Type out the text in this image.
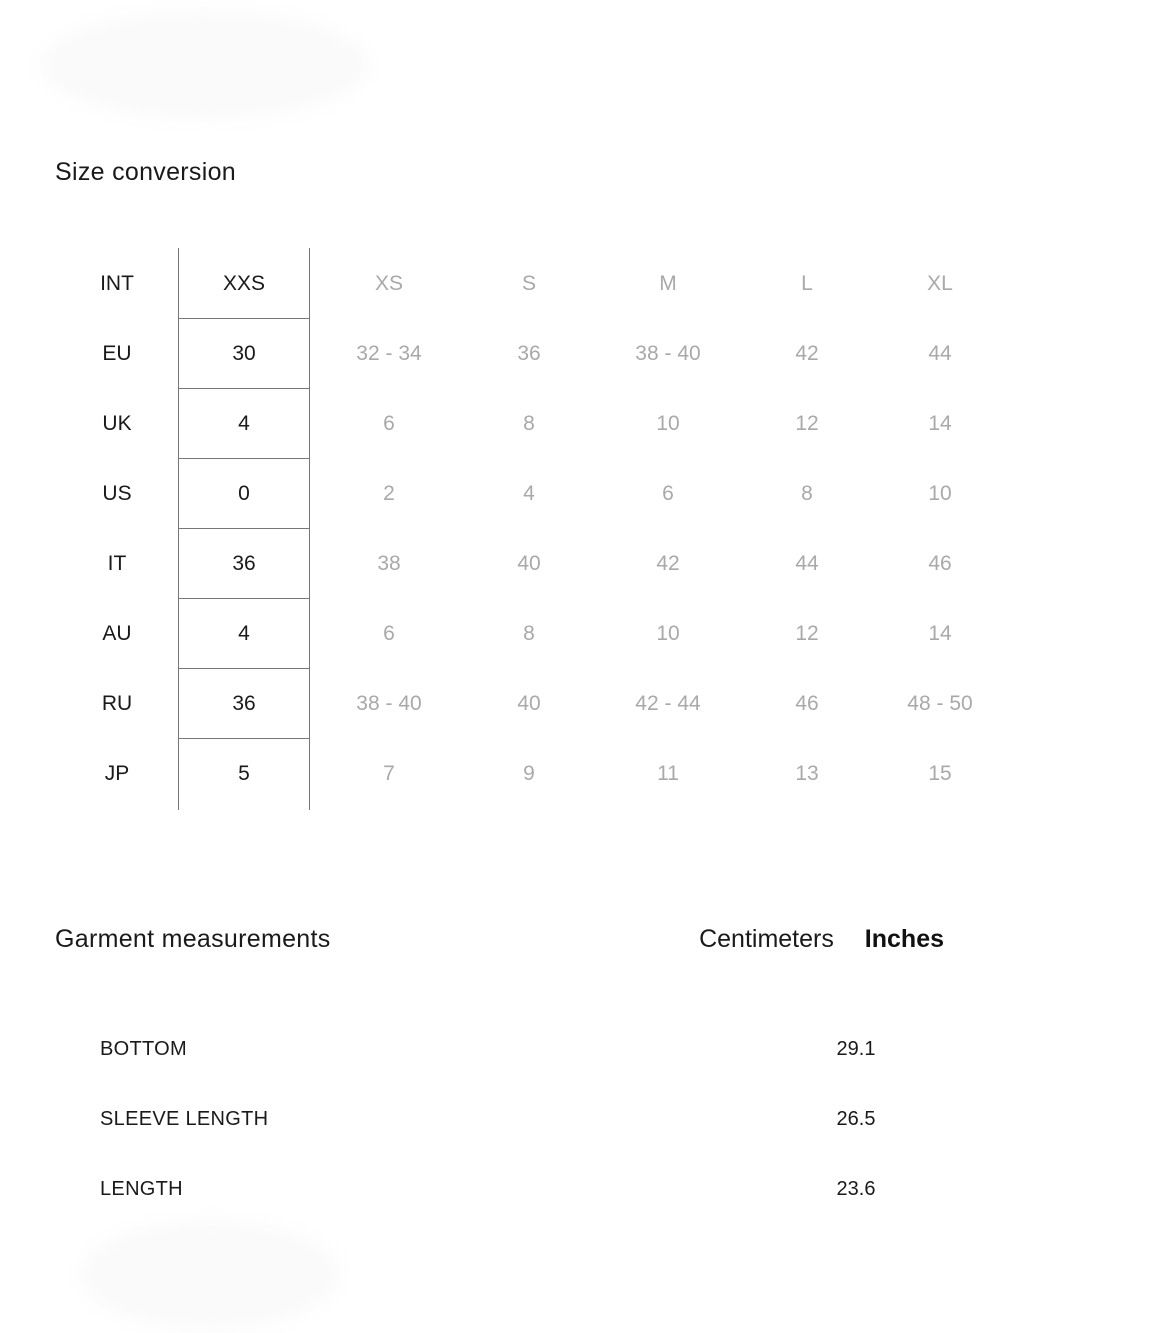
Size conversion
INT	XXS	XS	S	M	L	XL
EU	30	32 - 34	36	38 - 40	42	44
UK	4	6	8	10	12	14
US	0	2	4	6	8	10
IT	36	38	40	42	44	46
AU	4	6	8	10	12	14
RU	36	38 - 40	40	42 - 44	46	48 - 50
JP	5	7	9	11	13	15
Garment measurements	Centimeters Inches
BOTTOM	29.1
SLEEVE LENGTH	26.5
LENGTH	23.6
